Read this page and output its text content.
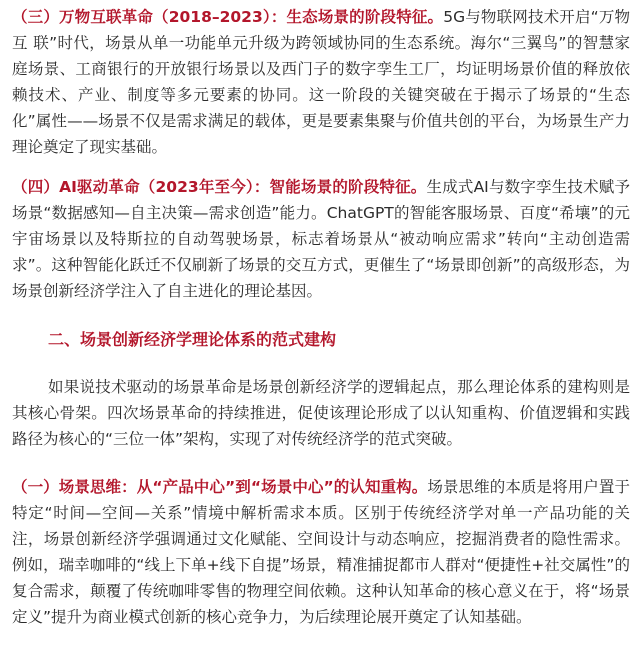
（三）万物互联革命（2018–2023）：生态场景的阶段特征。5G与物联网技术开启“万物互 联”时代，场景从单一功能单元升级为跨领域协同的生态系统。海尔“三翼鸟”的智慧家庭场景、工商银行的开放银行场景以及西门子的数字孪生工厂，均证明场景价值的释放依赖技术、产业、制度等多元要素的协同。这一阶段的关键突破在于揭示了场景的“生态化”属性——场景不仅是需求满足的载体，更是要素集聚与价值共创的平台，为场景生产力理论奠定了现实基础。

（四）AI驱动革命（2023年至今）：智能场景的阶段特征。生成式AI与数字孪生技术赋予场景“数据感知—自主决策—需求创造”能力。ChatGPT的智能客服场景、百度“希壤”的元宇宙场景以及特斯拉的自动驾驶场景，标志着场景从“被动响应需求”转向“主动创造需求”。这种智能化跃迁不仅刷新了场景的交互方式，更催生了“场景即创新”的高级形态，为场景创新经济学注入了自主进化的理论基因。

二、场景创新经济学理论体系的范式建构

如果说技术驱动的场景革命是场景创新经济学的逻辑起点，那么理论体系的建构则是其核心骨架。四次场景革命的持续推进，促使该理论形成了以认知重构、价值逻辑和实践路径为核心的“三位一体”架构，实现了对传统经济学的范式突破。

（一）场景思维：从“产品中心”到“场景中心”的认知重构。场景思维的本质是将用户置于特定“时间—空间—关系”情境中解析需求本质。区别于传统经济学对单一产品功能的关注，场景创新经济学强调通过文化赋能、空间设计与动态响应，挖掘消费者的隐性需求。例如，瑞幸咖啡的“线上下单+线下自提”场景，精准捕捉都市人群对“便捷性+社交属性”的复合需求，颠覆了传统咖啡零售的物理空间依赖。这种认知革命的核心意义在于，将“场景定义”提升为商业模式创新的核心竞争力，为后续理论展开奠定了认知基础。
